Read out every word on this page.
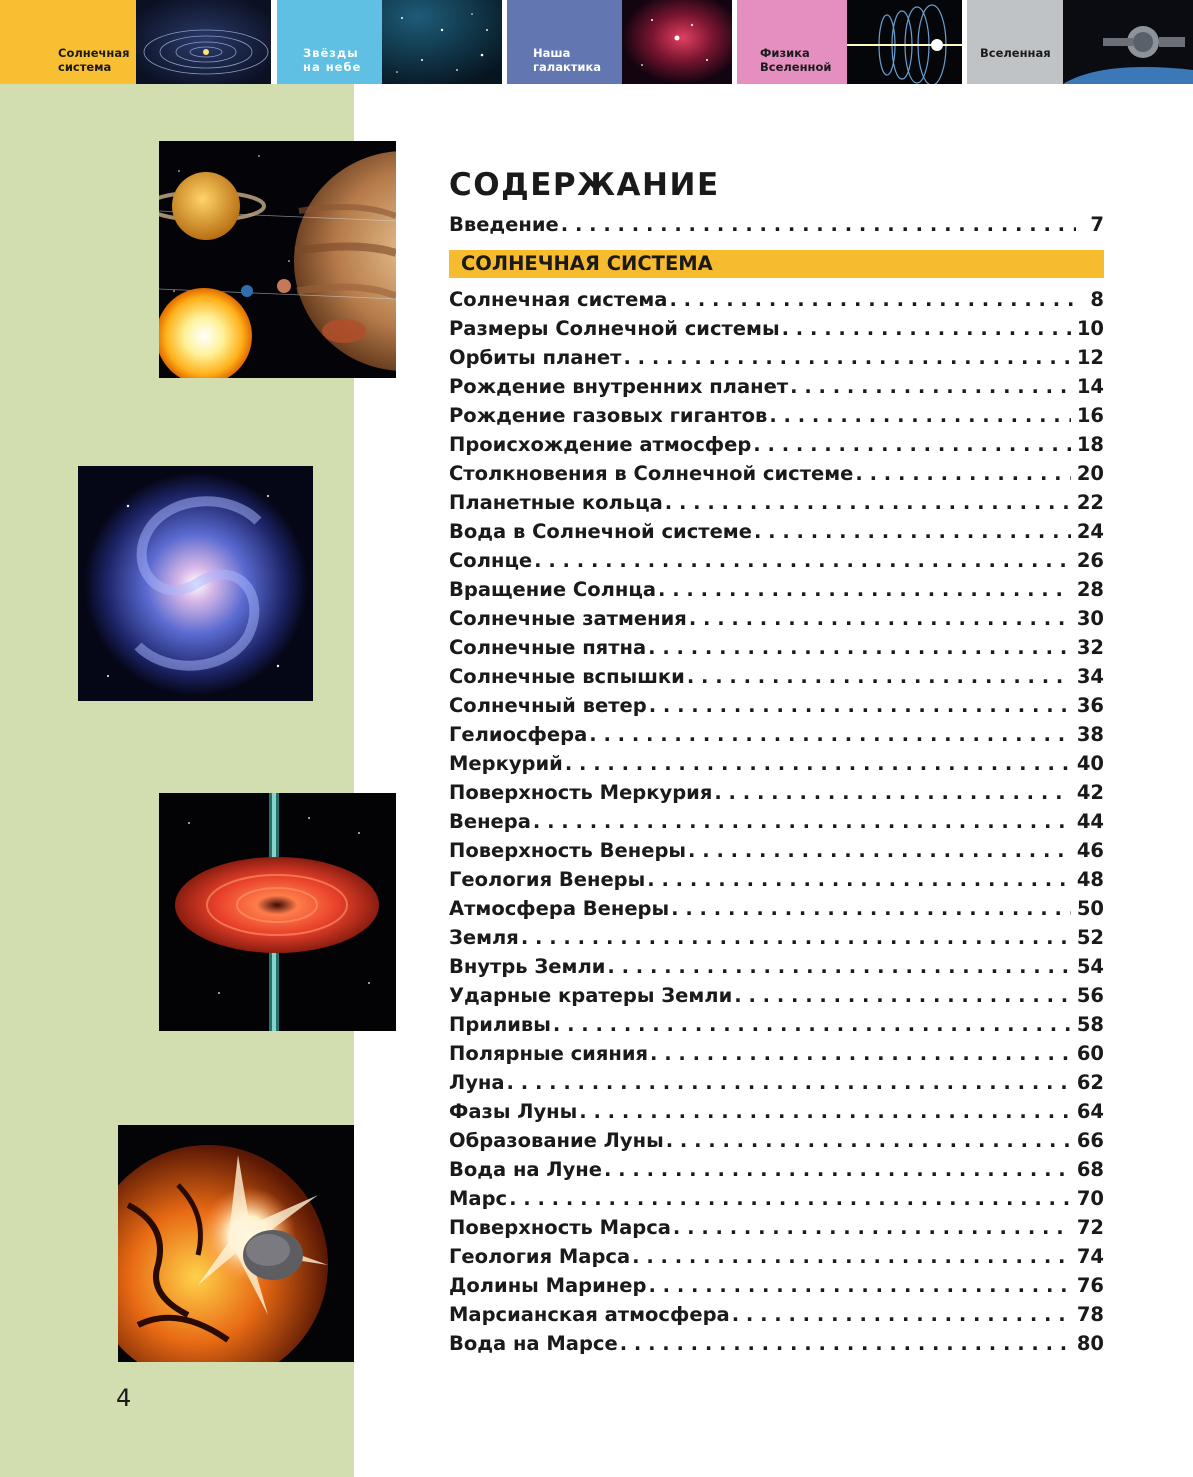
Солнечная
система
Звёзды
на небе
Наша
галактика
Физика
Вселенной
Вселенная
4
СОДЕРЖАНИЕ
Введение . . .	7
СОЛНЕЧНАЯ СИСТЕМА
Солнечная система . . .	8
Размеры Солнечной системы . . .	10
Орбиты планет . . .	12
Рождение внутренних планет . . .	14
Рождение газовых гигантов . . .	16
Происхождение атмосфер . . .	18
Столкновения в Солнечной системе . . .	20
Планетные кольца . . .	22
Вода в Солнечной системе . . .	24
Солнце . . .	26
Вращение Солнца . . .	28
Солнечные затмения . . .	30
Солнечные пятна . . .	32
Солнечные вспышки . . .	34
Солнечный ветер . . .	36
Гелиосфера . . .	38
Меркурий . . .	40
Поверхность Меркурия . . .	42
Венера . . .	44
Поверхность Венеры . . .	46
Геология Венеры . . .	48
Атмосфера Венеры . . .	50
Земля . . .	52
Внутрь Земли . . .	54
Ударные кратеры Земли . . .	56
Приливы . . .	58
Полярные сияния . . .	60
Луна . . .	62
Фазы Луны . . .	64
Образование Луны . . .	66
Вода на Луне . . .	68
Марс . . .	70
Поверхность Марса . . .	72
Геология Марса . . .	74
Долины Маринер . . .	76
Марсианская атмосфера . . .	78
Вода на Марсе . . .	80
